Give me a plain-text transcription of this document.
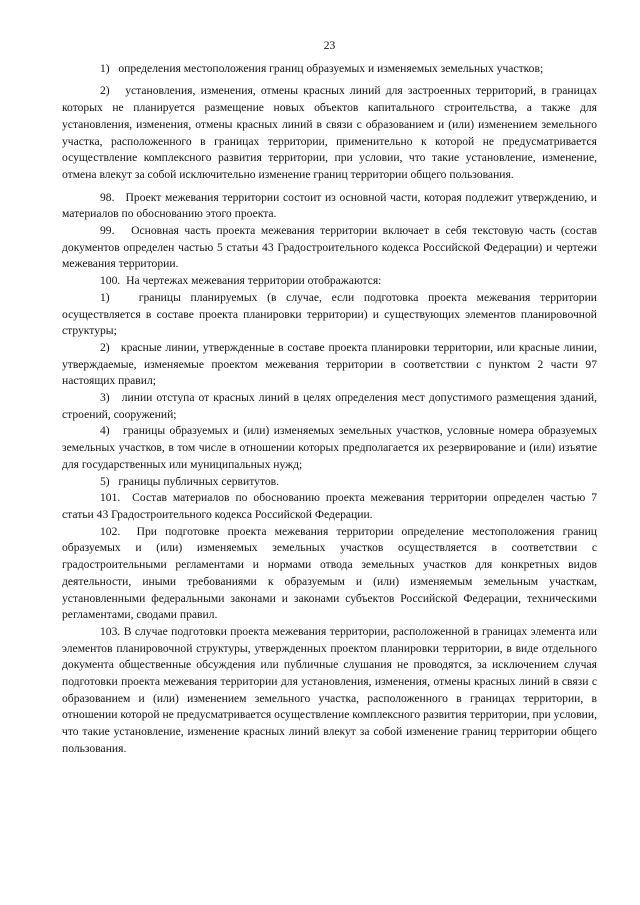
23

1)   определения местоположения границ образуемых и изменяемых земельных участков;

2)   установления, изменения, отмены красных линий для застроенных территорий, в границах которых не планируется размещение новых объектов капитального строительства, а также для установления, изменения, отмены красных линий в связи с образованием и (или) изменением земельного участка, расположенного в границах территории, применительно к которой не предусматривается осуществление комплексного развития территории, при условии, что такие установление, изменение, отмена влекут за собой исключительно изменение границ территории общего пользования.

98.   Проект межевания территории состоит из основной части, которая подлежит утверждению, и материалов по обоснованию этого проекта.

99.   Основная часть проекта межевания территории включает в себя текстовую часть (состав документов определен частью 5 статьи 43 Градостроительного кодекса Российской Федерации) и чертежи межевания территории.

100.  На чертежах межевания территории отображаются:

1)   границы планируемых (в случае, если подготовка проекта межевания территории осуществляется в составе проекта планировки территории) и существующих элементов планировочной структуры;

2)   красные линии, утвержденные в составе проекта планировки территории, или красные линии, утверждаемые, изменяемые проектом межевания территории в соответствии с пунктом 2 части 97 настоящих правил;

3)   линии отступа от красных линий в целях определения мест допустимого размещения зданий, строений, сооружений;

4)   границы образуемых и (или) изменяемых земельных участков, условные номера образуемых земельных участков, в том числе в отношении которых предполагается их резервирование и (или) изъятие для государственных или муниципальных нужд;

5)   границы публичных сервитутов.

101.  Состав материалов по обоснованию проекта межевания территории определен частью 7 статьи 43 Градостроительного кодекса Российской Федерации.

102.  При подготовке проекта межевания территории определение местоположения границ образуемых и (или) изменяемых земельных участков осуществляется в соответствии с градостроительными регламентами и нормами отвода земельных участков для конкретных видов деятельности, иными требованиями к образуемым и (или) изменяемым земельным участкам, установленными федеральными законами и законами субъектов Российской Федерации, техническими регламентами, сводами правил.

103. В случае подготовки проекта межевания территории, расположенной в границах элемента или элементов планировочной структуры, утвержденных проектом планировки территории, в виде отдельного документа общественные обсуждения или публичные слушания не проводятся, за исключением случая подготовки проекта межевания территории для установления, изменения, отмены красных линий в связи с образованием и (или) изменением земельного участка, расположенного в границах территории, в отношении которой не предусматривается осуществление комплексного развития территории, при условии, что такие установление, изменение красных линий влекут за собой изменение границ территории общего пользования.
